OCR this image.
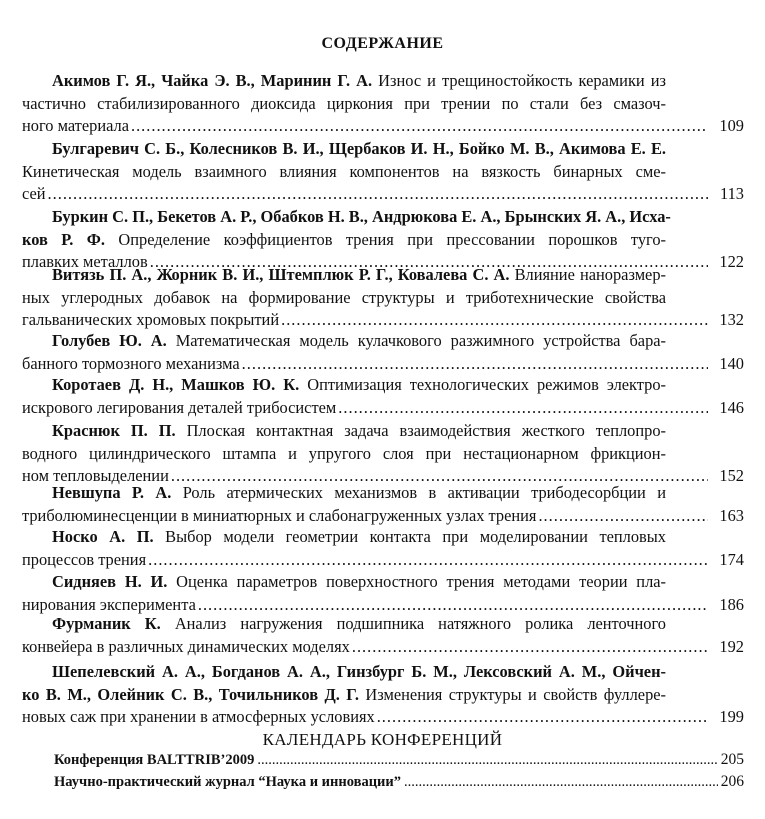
СОДЕРЖАНИЕ
Акимов Г. Я., Чайка Э. В., Маринин Г. А. Износ и трещиностойкость керамики из
частично стабилизированного диоксида циркония при трении по стали без смазоч-
ного материала .....	109
Булгаревич С. Б., Колесников В. И., Щербаков И. Н., Бойко М. В., Акимова Е. Е.
Кинетическая модель взаимного влияния компонентов на вязкость бинарных сме-
сей .....	113
Буркин С. П., Бекетов А. Р., Обабков Н. В., Андрюкова Е. А., Брынских Я. А., Исха-
ков Р. Ф. Определение коэффициентов трения при прессовании порошков туго-
плавких металлов .....	122
Витязь П. А., Жорник В. И., Штемплюк Р. Г., Ковалева С. А. Влияние наноразмер-
ных углеродных добавок на формирование структуры и триботехнические свойства
гальванических хромовых покрытий .....	132
Голубев Ю. А. Математическая модель кулачкового разжимного устройства бара-
банного тормозного механизма .....	140
Коротаев Д. Н., Машков Ю. К. Оптимизация технологических режимов электро-
искрового легирования деталей трибосистем .....	146
Краснюк П. П. Плоская контактная задача взаимодействия жесткого теплопро-
водного цилиндрического штампа и упругого слоя при нестационарном фрикцион-
ном тепловыделении .....	152
Невшупа Р. А. Роль атермических механизмов в активации трибодесорбции и
триболюминесценции в миниатюрных и слабонагруженных узлах трения .....	163
Носко А. П. Выбор модели геометрии контакта при моделировании тепловых
процессов трения .....	174
Сидняев Н. И. Оценка параметров поверхностного трения методами теории пла-
нирования эксперимента .....	186
Фурманик К. Анализ нагружения подшипника натяжного ролика ленточного
конвейера в различных динамических моделях .....	192
Шепелевский А. А., Богданов А. А., Гинзбург Б. М., Лексовский А. М., Ойчен-
ко В. М., Олейник С. В., Точильников Д. Г. Изменения структуры и свойств фуллере-
новых саж при хранении в атмосферных условиях .....	199
КАЛЕНДАРЬ КОНФЕРЕНЦИЙ
Конференция BALTTRIB’2009 .....	205
Научно-практический журнал “Наука и инновации” .....	206
